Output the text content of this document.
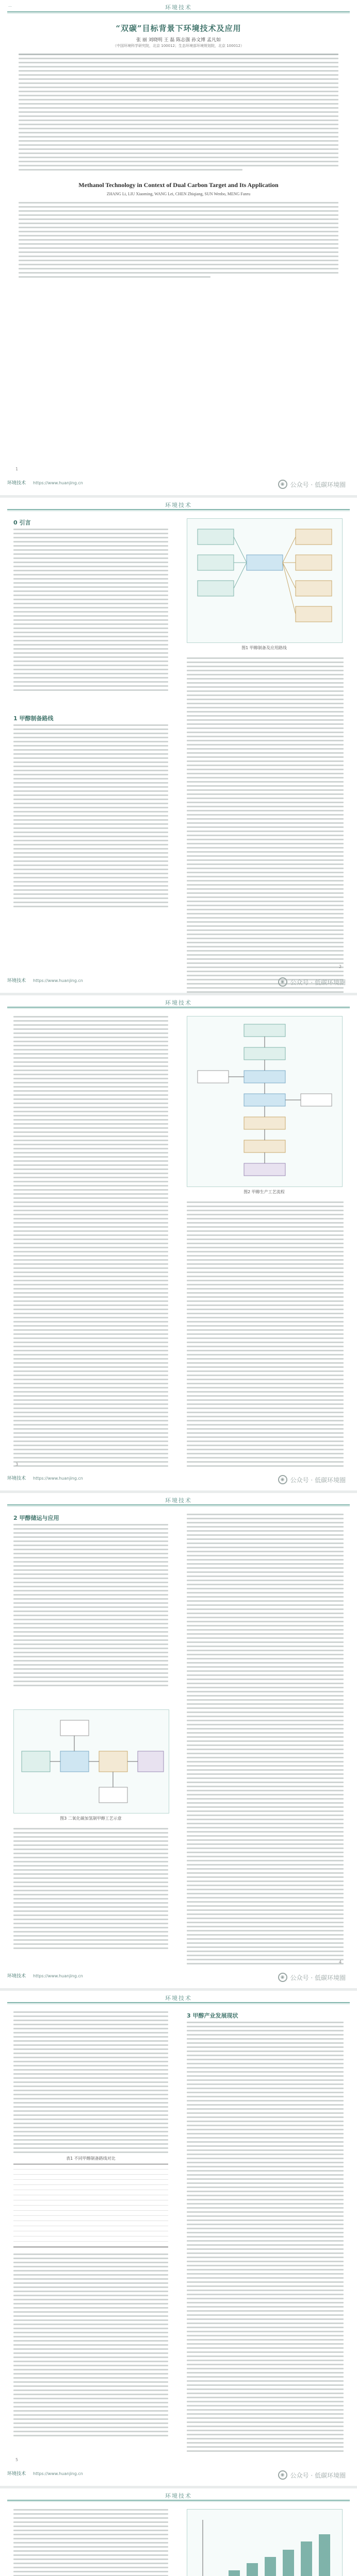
…	环境技术
“双碳”目标背景下环境技术及应用
张 丽 刘晓明 王 磊 陈志强 孙文博 孟凡如
（中国环境科学研究院，北京 100012；生态环境部环境规划院，北京 100012）
Methanol Technology in Context of Dual Carbon Target and Its Application
ZHANG Li, LIU Xiaoming, WANG Lei, CHEN Zhiqiang, SUN Wenbo, MENG Fanru
1
环境技术 https://www.huanjing.cn	◉ 公众号 · 低碳环境圈
环境技术
0 引言
1 甲醇制备路线
图1 甲醇制备及应用路线
2
环境技术 https://www.huanjing.cn	◉ 公众号 · 低碳环境圈
环境技术
图2 甲醇生产工艺流程
3
环境技术 https://www.huanjing.cn	◉ 公众号 · 低碳环境圈
环境技术
2 甲醇储运与应用
图3 二氧化碳加氢制甲醇工艺示意
4
环境技术 https://www.huanjing.cn	◉ 公众号 · 低碳环境圈
环境技术
表1 不同甲醇制备路线对比
3 甲醇产业发展现状
5
环境技术 https://www.huanjing.cn	◉ 公众号 · 低碳环境圈
环境技术
